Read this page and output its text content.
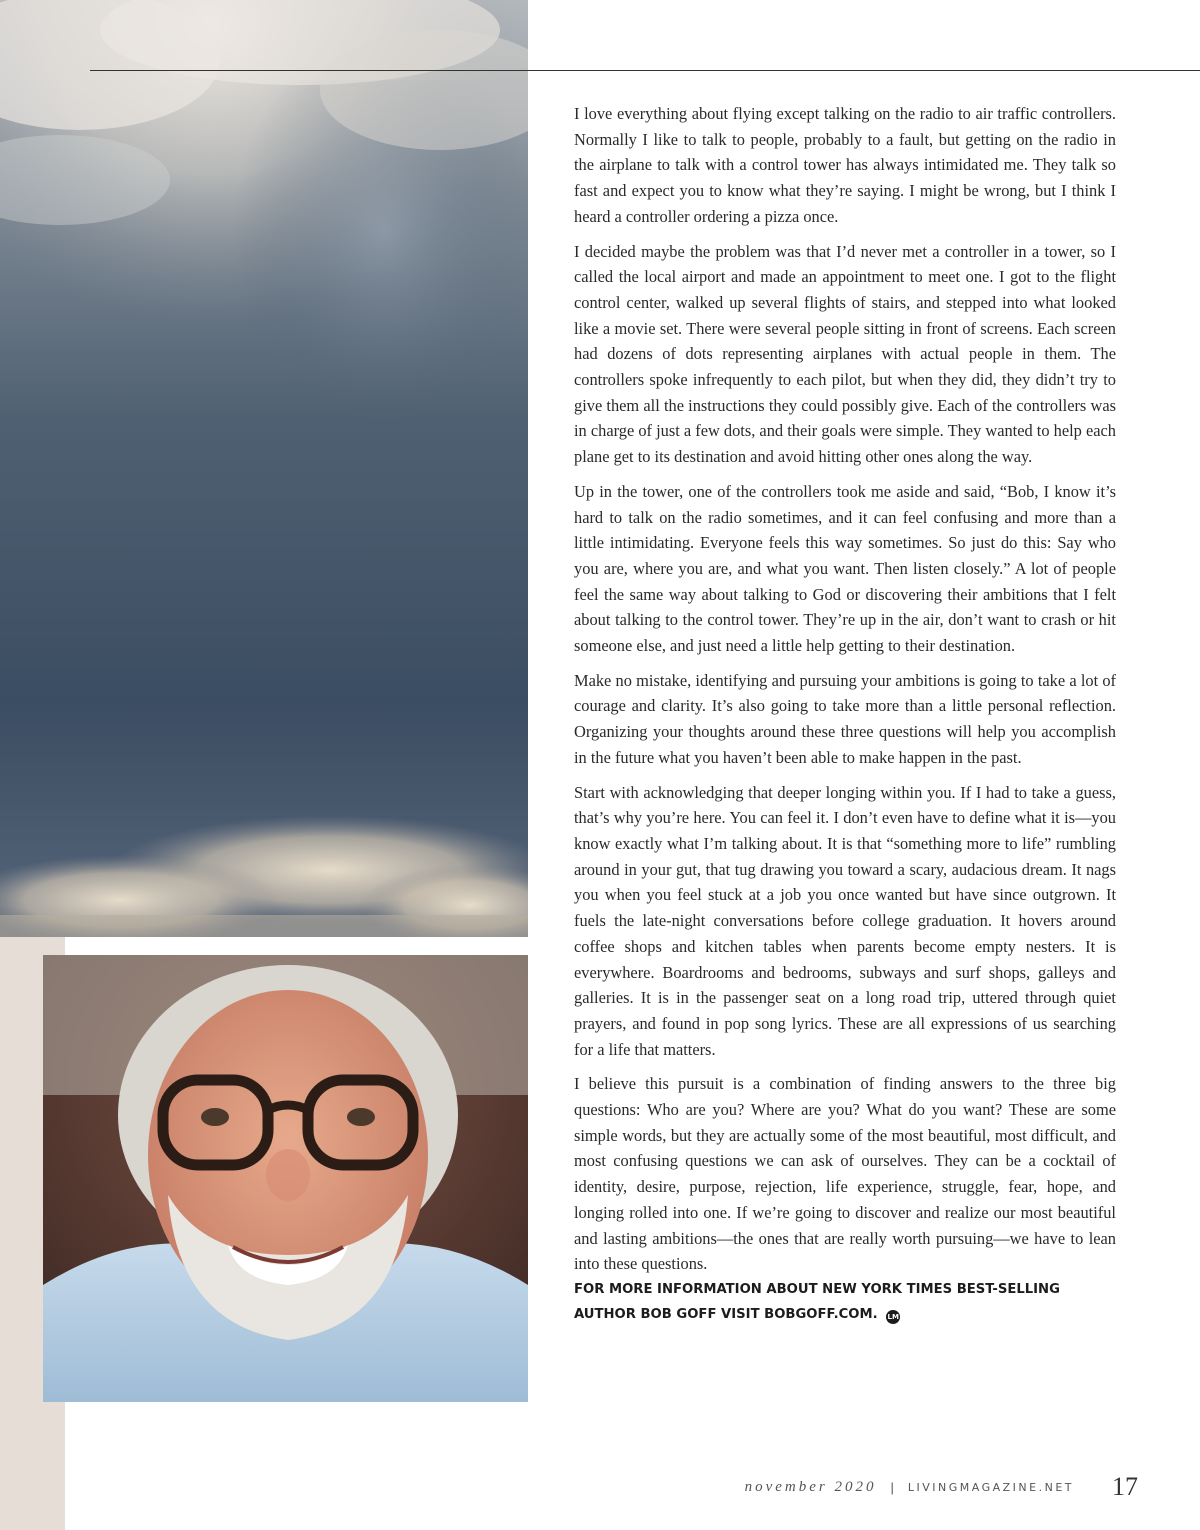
I love everything about flying except talking on the radio to air traffic controllers. Normally I like to talk to people, probably to a fault, but getting on the radio in the airplane to talk with a control tower has always intimidated me. They talk so fast and expect you to know what they’re saying. I might be wrong, but I think I heard a controller ordering a pizza once.

I decided maybe the problem was that I’d never met a controller in a tower, so I called the local airport and made an appointment to meet one. I got to the flight control center, walked up several flights of stairs, and stepped into what looked like a movie set. There were several people sitting in front of screens. Each screen had dozens of dots representing airplanes with actual people in them. The controllers spoke infrequently to each pilot, but when they did, they didn’t try to give them all the instructions they could possibly give. Each of the controllers was in charge of just a few dots, and their goals were simple. They wanted to help each plane get to its destination and avoid hitting other ones along the way.

Up in the tower, one of the controllers took me aside and said, “Bob, I know it’s hard to talk on the radio sometimes, and it can feel confusing and more than a little intimidating. Everyone feels this way sometimes. So just do this: Say who you are, where you are, and what you want. Then listen closely.” A lot of people feel the same way about talking to God or discovering their ambitions that I felt about talking to the control tower. They’re up in the air, don’t want to crash or hit someone else, and just need a little help getting to their destination.

Make no mistake, identifying and pursuing your ambitions is going to take a lot of courage and clarity. It’s also going to take more than a little personal reflection. Organizing your thoughts around these three questions will help you accomplish in the future what you haven’t been able to make happen in the past.

Start with acknowledging that deeper longing within you. If I had to take a guess, that’s why you’re here. You can feel it. I don’t even have to define what it is—you know exactly what I’m talking about. It is that “something more to life” rumbling around in your gut, that tug drawing you toward a scary, audacious dream. It nags you when you feel stuck at a job you once wanted but have since outgrown. It fuels the late-night conversations before college graduation. It hovers around coffee shops and kitchen tables when parents become empty nesters. It is everywhere. Boardrooms and bedrooms, subways and surf shops, galleys and galleries. It is in the passenger seat on a long road trip, uttered through quiet prayers, and found in pop song lyrics. These are all expressions of us searching for a life that matters.

I believe this pursuit is a combination of finding answers to the three big questions: Who are you? Where are you? What do you want? These are some simple words, but they are actually some of the most beautiful, most difficult, and most confusing questions we can ask of ourselves. They can be a cocktail of identity, desire, purpose, rejection, life experience, struggle, fear, hope, and longing rolled into one. If we’re going to discover and realize our most beautiful and lasting ambitions—the ones that are really worth pursuing—we have to lean into these questions.

FOR MORE INFORMATION ABOUT NEW YORK TIMES BEST-SELLING AUTHOR BOB GOFF VISIT BOBGOFF.COM. LM
november 2020 | LIVINGMAGAZINE.NET 17
